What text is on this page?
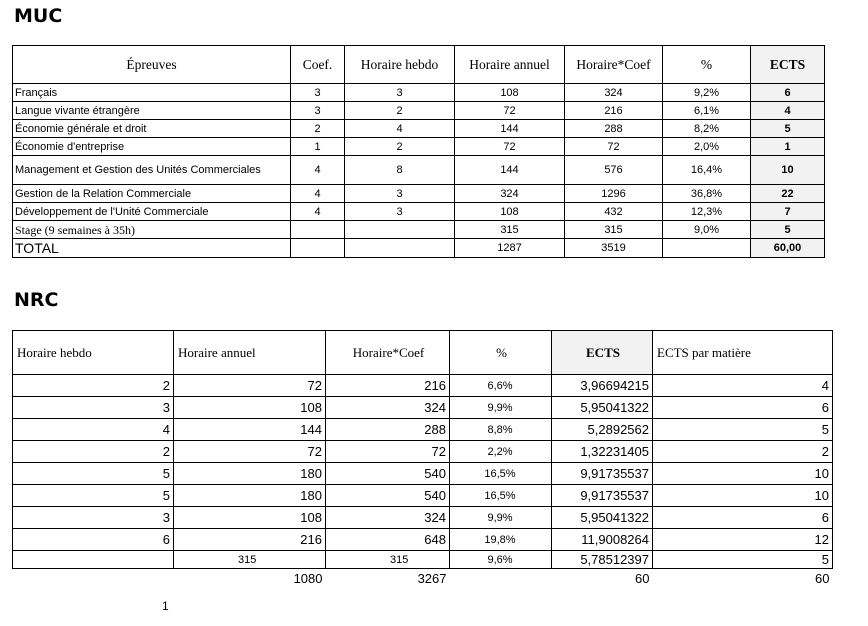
MUC
Épreuves	Coef.	Horaire hebdo	Horaire annuel	Horaire*Coef	%	ECTS
Français	3	3	108	324	9,2%	6
Langue vivante étrangère	3	2	72	216	6,1%	4
Économie générale et droit	2	4	144	288	8,2%	5
Économie d'entreprise	1	2	72	72	2,0%	1
Management et Gestion des Unités Commerciales	4	8	144	576	16,4%	10
Gestion de la Relation Commerciale	4	3	324	1296	36,8%	22
Développement de l'Unité Commerciale	4	3	108	432	12,3%	7
Stage (9 semaines à 35h)			315	315	9,0%	5
TOTAL			1287	3519		60,00
NRC
Horaire hebdo	Horaire annuel	Horaire*Coef	%	ECTS	ECTS par matière
2	72	216	6,6%	3,96694215	4
3	108	324	9,9%	5,95041322	6
4	144	288	8,8%	5,2892562	5
2	72	72	2,2%	1,32231405	2
5	180	540	16,5%	9,91735537	10
5	180	540	16,5%	9,91735537	10
3	108	324	9,9%	5,95041322	6
6	216	648	19,8%	11,9008264	12
	315	315	9,6%	5,78512397	5
	1080	3267		60	60
1
